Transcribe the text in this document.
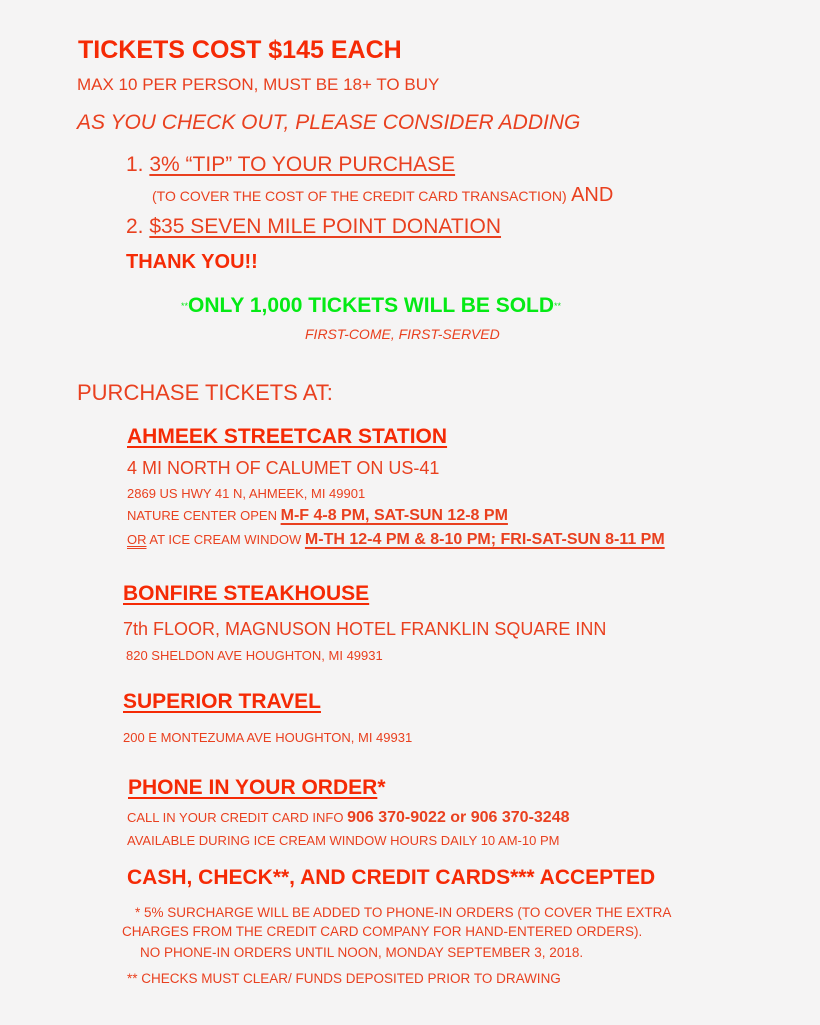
TICKETS COST $145 EACH
MAX 10 PER PERSON, MUST BE 18+ TO BUY
AS YOU CHECK OUT, PLEASE CONSIDER ADDING
1. 3% “TIP” TO YOUR PURCHASE
(TO COVER THE COST OF THE CREDIT CARD TRANSACTION) AND
2. $35 SEVEN MILE POINT DONATION
THANK YOU!!
**ONLY 1,000 TICKETS WILL BE SOLD**
FIRST-COME, FIRST-SERVED
PURCHASE TICKETS AT:
AHMEEK STREETCAR STATION
4 MI NORTH OF CALUMET ON US-41
2869 US HWY 41 N, AHMEEK, MI 49901
NATURE CENTER OPEN M-F 4-8 PM, SAT-SUN 12-8 PM
OR AT ICE CREAM WINDOW M-TH 12-4 PM & 8-10 PM; FRI-SAT-SUN 8-11 PM
BONFIRE STEAKHOUSE
7th FLOOR, MAGNUSON HOTEL FRANKLIN SQUARE INN
820 SHELDON AVE HOUGHTON, MI 49931
SUPERIOR TRAVEL
200 E MONTEZUMA AVE HOUGHTON, MI 49931
PHONE IN YOUR ORDER*
CALL IN YOUR CREDIT CARD INFO 906 370-9022 or 906 370-3248
AVAILABLE DURING ICE CREAM WINDOW HOURS DAILY 10 AM-10 PM
CASH, CHECK**, AND CREDIT CARDS*** ACCEPTED
* 5% SURCHARGE WILL BE ADDED TO PHONE-IN ORDERS (TO COVER THE EXTRA
CHARGES FROM THE CREDIT CARD COMPANY FOR HAND-ENTERED ORDERS).
NO PHONE-IN ORDERS UNTIL NOON, MONDAY SEPTEMBER 3, 2018.
** CHECKS MUST CLEAR/ FUNDS DEPOSITED PRIOR TO DRAWING
